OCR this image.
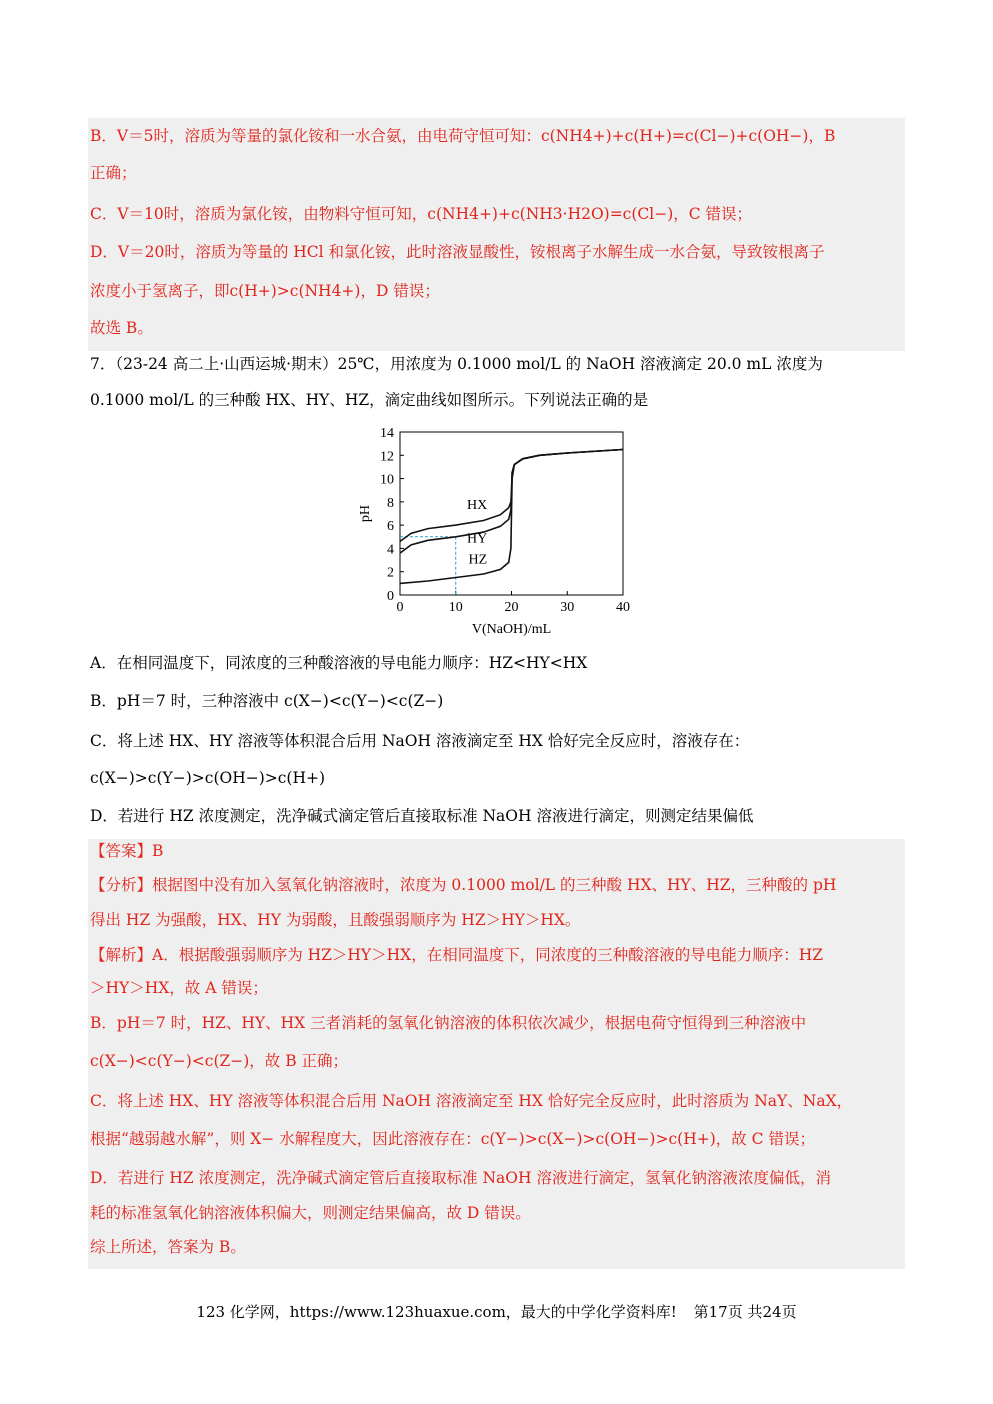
B．V＝5时，溶质为等量的氯化铵和一水合氨，由电荷守恒可知：c(NH4+)+c(H+)=c(Cl−)+c(OH−)，B
正确；
C．V＝10时，溶质为氯化铵，由物料守恒可知，c(NH4+)+c(NH3·H2O)=c(Cl−)，C 错误；
D．V＝20时，溶质为等量的 HCl 和氯化铵，此时溶液显酸性，铵根离子水解生成一水合氨，导致铵根离子
浓度小于氢离子，即c(H+)>c(NH4+)，D 错误；
故选 B。
7．（23-24 高二上·山西运城·期末）25℃，用浓度为 0.1000 mol/L 的 NaOH 溶液滴定 20.0 mL 浓度为
0.1000 mol/L 的三种酸 HX、HY、HZ，滴定曲线如图所示。下列说法正确的是
0	10	20	30	40
0
2
4
6
8
10
12
14
V(NaOH)/mL
pH	HX
HY
HZ
A．在相同温度下，同浓度的三种酸溶液的导电能力顺序：HZ<HY<HX
B．pH＝7 时，三种溶液中 c(X−)<c(Y−)<c(Z−)
C．将上述 HX、HY 溶液等体积混合后用 NaOH 溶液滴定至 HX 恰好完全反应时，溶液存在：
c(X−)>c(Y−)>c(OH−)>c(H+)
D．若进行 HZ 浓度测定，洗净碱式滴定管后直接取标准 NaOH 溶液进行滴定，则测定结果偏低
【答案】B
【分析】根据图中没有加入氢氧化钠溶液时，浓度为 0.1000 mol/L 的三种酸 HX、HY、HZ，三种酸的 pH
得出 HZ 为强酸，HX、HY 为弱酸，且酸强弱顺序为 HZ＞HY＞HX。
【解析】A．根据酸强弱顺序为 HZ＞HY＞HX，在相同温度下，同浓度的三种酸溶液的导电能力顺序：HZ
＞HY＞HX，故 A 错误；
B．pH＝7 时，HZ、HY、HX 三者消耗的氢氧化钠溶液的体积依次减少，根据电荷守恒得到三种溶液中
c(X−)<c(Y−)<c(Z−)，故 B 正确；
C．将上述 HX、HY 溶液等体积混合后用 NaOH 溶液滴定至 HX 恰好完全反应时，此时溶质为 NaY、NaX，
根据“越弱越水解”，则 X− 水解程度大，因此溶液存在：c(Y−)>c(X−)>c(OH−)>c(H+)，故 C 错误；
D．若进行 HZ 浓度测定，洗净碱式滴定管后直接取标准 NaOH 溶液进行滴定，氢氧化钠溶液浓度偏低，消
耗的标准氢氧化钠溶液体积偏大，则测定结果偏高，故 D 错误。
综上所述，答案为 B。
123 化学网，https://www.123huaxue.com，最大的中学化学资料库! 第17页 共24页
